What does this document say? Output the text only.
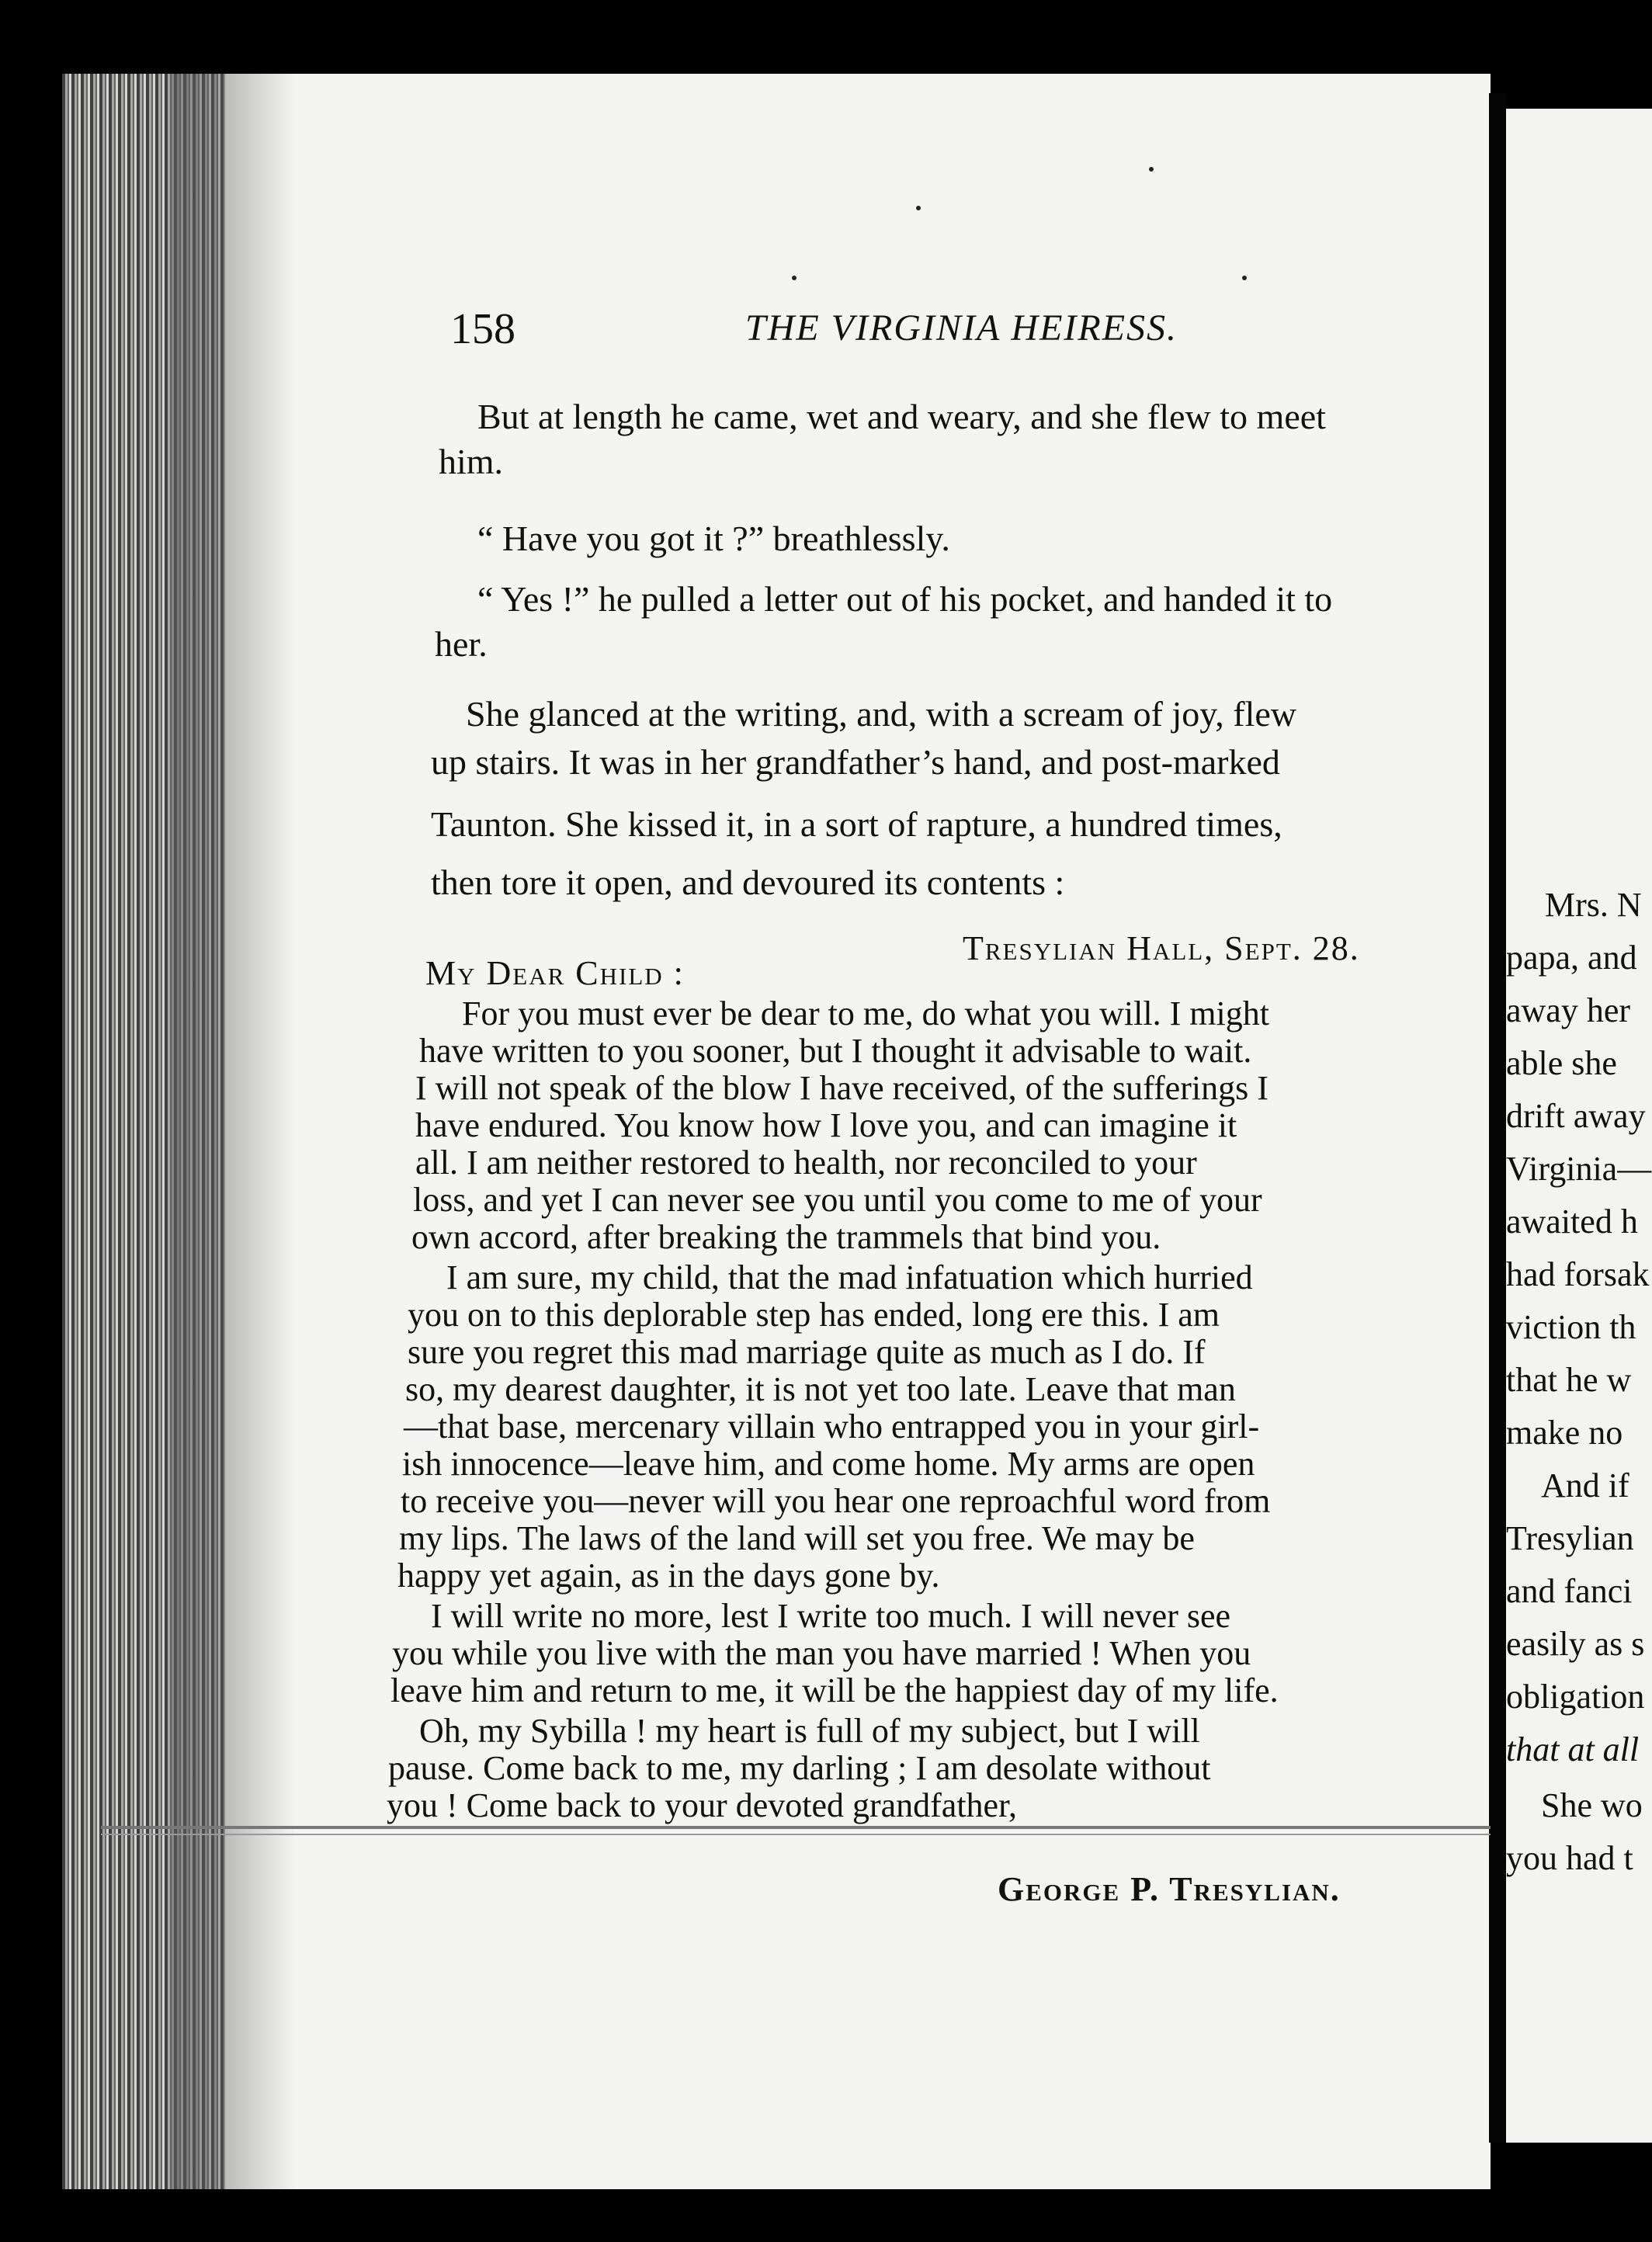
158	THE VIRGINIA HEIRESS.
But at length he came, wet and weary, and she flew to meet
him.
“ Have you got it ?” breathlessly.
“ Yes !” he pulled a letter out of his pocket, and handed it to
her.
She glanced at the writing, and, with a scream of joy, flew
up stairs. It was in her grandfather’s hand, and post-marked
Taunton. She kissed it, in a sort of rapture, a hundred times,
then tore it open, and devoured its contents :
Tresylian Hall, Sept. 28.
My Dear Child :
For you must ever be dear to me, do what you will. I might
have written to you sooner, but I thought it advisable to wait.
I will not speak of the blow I have received, of the sufferings I
have endured. You know how I love you, and can imagine it
all. I am neither restored to health, nor reconciled to your
loss, and yet I can never see you until you come to me of your
own accord, after breaking the trammels that bind you.
I am sure, my child, that the mad infatuation which hurried
you on to this deplorable step has ended, long ere this. I am
sure you regret this mad marriage quite as much as I do. If
so, my dearest daughter, it is not yet too late. Leave that man
—that base, mercenary villain who entrapped you in your girl-
ish innocence—leave him, and come home. My arms are open
to receive you—never will you hear one reproachful word from
my lips. The laws of the land will set you free. We may be
happy yet again, as in the days gone by.
I will write no more, lest I write too much. I will never see
you while you live with the man you have married ! When you
leave him and return to me, it will be the happiest day of my life.
Oh, my Sybilla ! my heart is full of my subject, but I will
pause. Come back to me, my darling ; I am desolate without
you ! Come back to your devoted grandfather,
George P. Tresylian.
Mrs. N
papa, and
away her
able she
drift away
Virginia—
awaited h
had forsak
viction th
that he w
make no
And if
Tresylian
and fanci
easily as s
obligation
that at all
She wo
you had t
